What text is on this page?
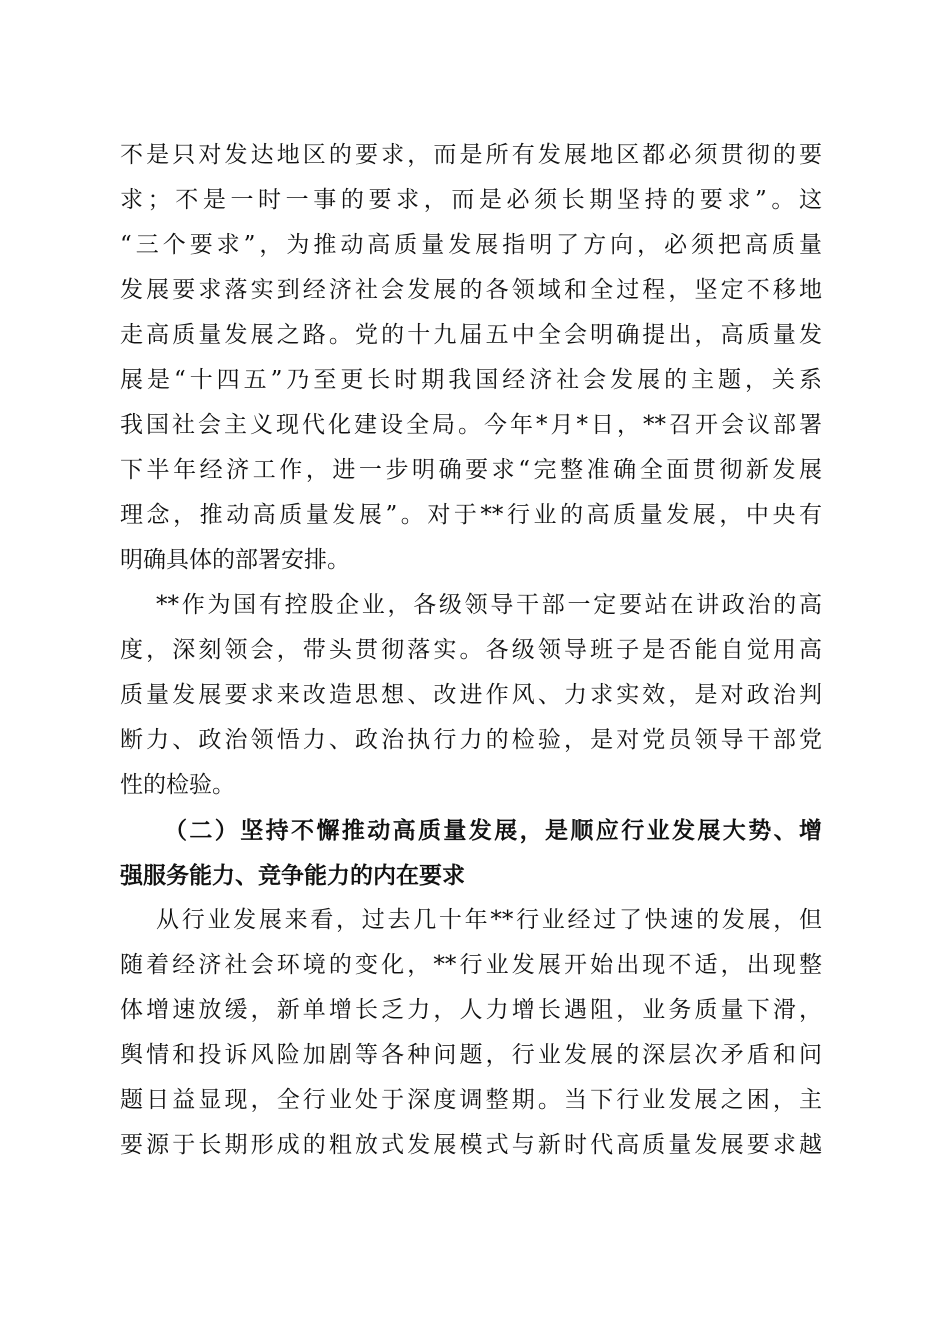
不是只对发达地区的要求，而是所有发展地区都必须贯彻的要
求；不是一时一事的要求，而是必须长期坚持的要求”。这
“三个要求”，为推动高质量发展指明了方向，必须把高质量
发展要求落实到经济社会发展的各领域和全过程，坚定不移地
走高质量发展之路。党的十九届五中全会明确提出，高质量发
展是“十四五”乃至更长时期我国经济社会发展的主题，关系
我国社会主义现代化建设全局。今年*月*日，**召开会议部署
下半年经济工作，进一步明确要求“完整准确全面贯彻新发展
理念，推动高质量发展”。对于**行业的高质量发展，中央有
明确具体的部署安排。
**作为国有控股企业，各级领导干部一定要站在讲政治的高
度，深刻领会，带头贯彻落实。各级领导班子是否能自觉用高
质量发展要求来改造思想、改进作风、力求实效，是对政治判
断力、政治领悟力、政治执行力的检验，是对党员领导干部党
性的检验。
（二）坚持不懈推动高质量发展，是顺应行业发展大势、增
强服务能力、竞争能力的内在要求
从行业发展来看，过去几十年**行业经过了快速的发展，但
随着经济社会环境的变化，**行业发展开始出现不适，出现整
体增速放缓，新单增长乏力，人力增长遇阻，业务质量下滑，
舆情和投诉风险加剧等各种问题，行业发展的深层次矛盾和问
题日益显现，全行业处于深度调整期。当下行业发展之困，主
要源于长期形成的粗放式发展模式与新时代高质量发展要求越
